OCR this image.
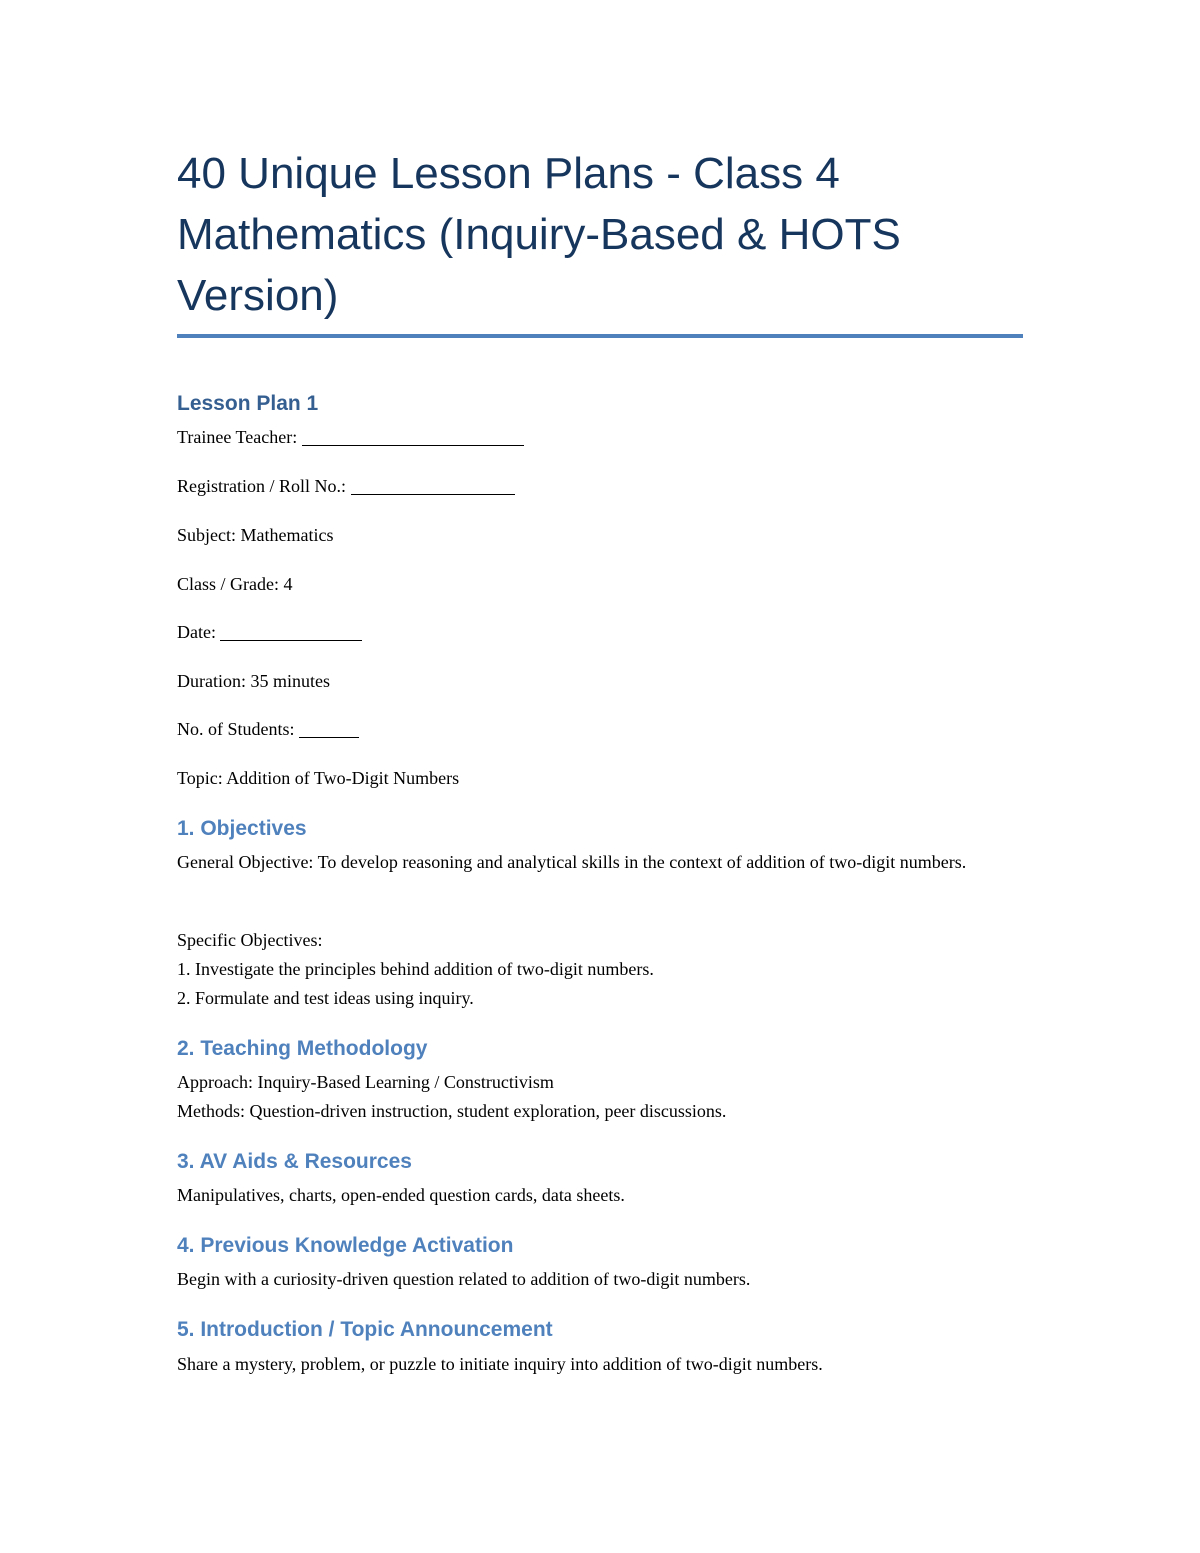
40 Unique Lesson Plans - Class 4 Mathematics (Inquiry-Based & HOTS Version)
Lesson Plan 1
Trainee Teacher:
Registration / Roll No.:
Subject: Mathematics
Class / Grade: 4
Date:
Duration: 35 minutes
No. of Students:
Topic: Addition of Two-Digit Numbers
1. Objectives
General Objective: To develop reasoning and analytical skills in the context of addition of two-digit numbers.
Specific Objectives:
1. Investigate the principles behind addition of two-digit numbers.
2. Formulate and test ideas using inquiry.
2. Teaching Methodology
Approach: Inquiry-Based Learning / Constructivism
Methods: Question-driven instruction, student exploration, peer discussions.
3. AV Aids & Resources
Manipulatives, charts, open-ended question cards, data sheets.
4. Previous Knowledge Activation
Begin with a curiosity-driven question related to addition of two-digit numbers.
5. Introduction / Topic Announcement
Share a mystery, problem, or puzzle to initiate inquiry into addition of two-digit numbers.
